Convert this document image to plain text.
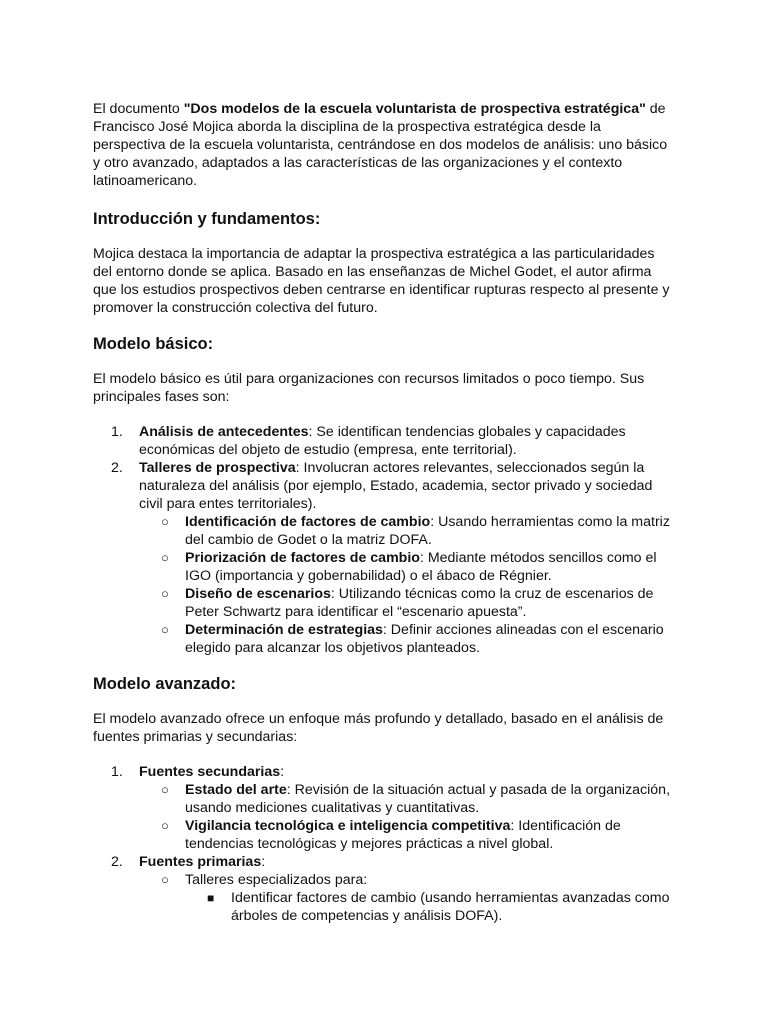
El documento "Dos modelos de la escuela voluntarista de prospectiva estratégica" de Francisco José Mojica aborda la disciplina de la prospectiva estratégica desde la perspectiva de la escuela voluntarista, centrándose en dos modelos de análisis: uno básico y otro avanzado, adaptados a las características de las organizaciones y el contexto latinoamericano.

Introducción y fundamentos:

Mojica destaca la importancia de adaptar la prospectiva estratégica a las particularidades del entorno donde se aplica. Basado en las enseñanzas de Michel Godet, el autor afirma que los estudios prospectivos deben centrarse en identificar rupturas respecto al presente y promover la construcción colectiva del futuro.

Modelo básico:

El modelo básico es útil para organizaciones con recursos limitados o poco tiempo. Sus principales fases son:

1. Análisis de antecedentes: Se identifican tendencias globales y capacidades económicas del objeto de estudio (empresa, ente territorial).
2. Talleres de prospectiva: Involucran actores relevantes, seleccionados según la naturaleza del análisis (por ejemplo, Estado, academia, sector privado y sociedad civil para entes territoriales).
○ Identificación de factores de cambio: Usando herramientas como la matriz del cambio de Godet o la matriz DOFA.
○ Priorización de factores de cambio: Mediante métodos sencillos como el IGO (importancia y gobernabilidad) o el ábaco de Régnier.
○ Diseño de escenarios: Utilizando técnicas como la cruz de escenarios de Peter Schwartz para identificar el “escenario apuesta”.
○ Determinación de estrategias: Definir acciones alineadas con el escenario elegido para alcanzar los objetivos planteados.
Modelo avanzado:

El modelo avanzado ofrece un enfoque más profundo y detallado, basado en el análisis de fuentes primarias y secundarias:

1. Fuentes secundarias:
○ Estado del arte: Revisión de la situación actual y pasada de la organización, usando mediciones cualitativas y cuantitativas.
○ Vigilancia tecnológica e inteligencia competitiva: Identificación de tendencias tecnológicas y mejores prácticas a nivel global.
2. Fuentes primarias:
○ Talleres especializados para:
■ Identificar factores de cambio (usando herramientas avanzadas como árboles de competencias y análisis DOFA).
